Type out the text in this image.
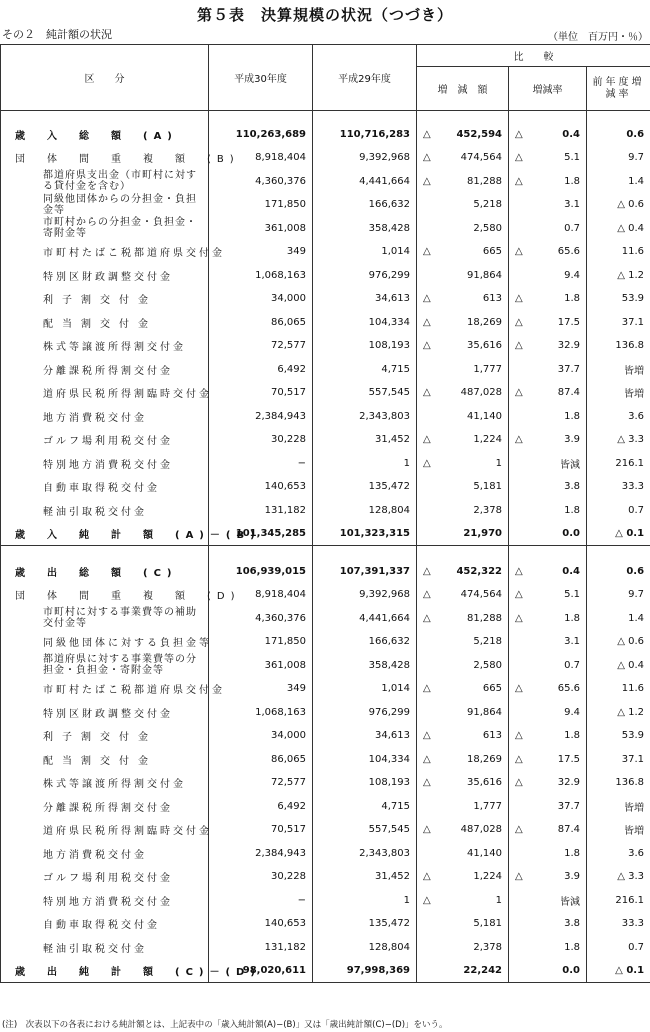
第５表　決算規模の状況（つづき）
その２　純計額の状況	（単位　百万円・％）
区　　分	平成30年度	平成29年度	比　　較		
			増　減　額	増減率	前年度増減率

歳　入　総　額　(A)	110,263,689	110,716,283	△ 452,594	△ 0.4	0.6
団　体　間　重　複　額　(B)	8,918,404	9,392,968	△ 474,564	△ 5.1	9.7
都道府県支出金（市町村に対する貸付金を含む）	4,360,376	4,441,664	△ 81,288	△ 1.8	1.4
同級他団体からの分担金・負担金等	171,850	166,632	5,218	3.1	△ 0.6
市町村からの分担金・負担金・寄附金等	361,008	358,428	2,580	0.7	△ 0.4
市町村たばこ税都道府県交付金	349	1,014	△ 665	△ 65.6	11.6
特別区財政調整交付金	1,068,163	976,299	91,864	9.4	△ 1.2
利子割交付金	34,000	34,613	△ 613	△ 1.8	53.9
配当割交付金	86,065	104,334	△ 18,269	△ 17.5	37.1
株式等譲渡所得割交付金	72,577	108,193	△ 35,616	△ 32.9	136.8
分離課税所得割交付金	6,492	4,715	1,777	37.7	皆増
道府県民税所得割臨時交付金	70,517	557,545	△ 487,028	△ 87.4	皆増
地方消費税交付金	2,384,943	2,343,803	41,140	1.8	3.6
ゴルフ場利用税交付金	30,228	31,452	△ 1,224	△ 3.9	△ 3.3
特別地方消費税交付金	−	1	△ 1	皆減	216.1
自動車取得税交付金	140,653	135,472	5,181	3.8	33.3
軽油引取税交付金	131,182	128,804	2,378	1.8	0.7
歳　入　純　計　額　(A)－(B)	101,345,285	101,323,315	21,970	0.0	△ 0.1

歳　出　総　額　(C)	106,939,015	107,391,337	△ 452,322	△ 0.4	0.6
団　体　間　重　複　額　(D)	8,918,404	9,392,968	△ 474,564	△ 5.1	9.7
市町村に対する事業費等の補助交付金等	4,360,376	4,441,664	△ 81,288	△ 1.8	1.4
同級他団体に対する負担金等	171,850	166,632	5,218	3.1	△ 0.6
都道府県に対する事業費等の分担金・負担金・寄附金等	361,008	358,428	2,580	0.7	△ 0.4
市町村たばこ税都道府県交付金	349	1,014	△ 665	△ 65.6	11.6
特別区財政調整交付金	1,068,163	976,299	91,864	9.4	△ 1.2
利子割交付金	34,000	34,613	△ 613	△ 1.8	53.9
配当割交付金	86,065	104,334	△ 18,269	△ 17.5	37.1
株式等譲渡所得割交付金	72,577	108,193	△ 35,616	△ 32.9	136.8
分離課税所得割交付金	6,492	4,715	1,777	37.7	皆増
道府県民税所得割臨時交付金	70,517	557,545	△ 487,028	△ 87.4	皆増
地方消費税交付金	2,384,943	2,343,803	41,140	1.8	3.6
ゴルフ場利用税交付金	30,228	31,452	△ 1,224	△ 3.9	△ 3.3
特別地方消費税交付金	−	1	△ 1	皆減	216.1
自動車取得税交付金	140,653	135,472	5,181	3.8	33.3
軽油引取税交付金	131,182	128,804	2,378	1.8	0.7
歳　出　純　計　額　(C)－(D)	98,020,611	97,998,369	22,242	0.0	△ 0.1
(注)　次表以下の各表における純計額とは、上記表中の「歳入純計額(A)−(B)」又は「歳出純計額(C)−(D)」をいう。
